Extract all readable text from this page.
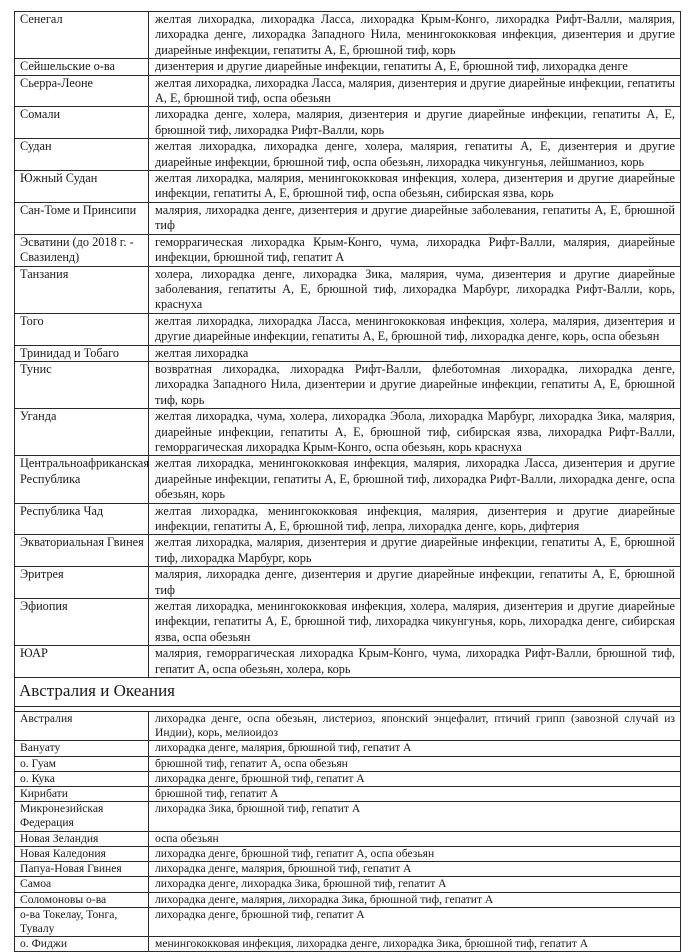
Сенегал	желтая лихорадка, лихорадка Ласса, лихорадка Крым-Конго, лихорадка Рифт-Валли, малярия, лихорадка денге, лихорадка Западного Нила, менингококковая инфекция, дизентерия и другие диарейные инфекции, гепатиты А, Е, брюшной тиф, корь
Сейшельские о-ва	дизентерия и другие диарейные инфекции, гепатиты А, Е, брюшной тиф, лихорадка денге
Сьерра-Леоне	желтая лихорадка, лихорадка Ласса, малярия, дизентерия и другие диарейные инфекции, гепатиты А, Е, брюшной тиф, оспа обезьян
Сомали	лихорадка денге, холера, малярия, дизентерия и другие диарейные инфекции, гепатиты А, Е, брюшной тиф, лихорадка Рифт-Валли, корь
Судан	желтая лихорадка, лихорадка денге, холера, малярия, гепатиты А, Е, дизентерия и другие диарейные инфекции, брюшной тиф, оспа обезьян, лихорадка чикунгунья, лейшманиоз, корь
Южный Судан	желтая лихорадка, малярия, менингококковая инфекция, холера, дизентерия и другие диарейные инфекции, гепатиты А, Е, брюшной тиф, оспа обезьян, сибирская язва, корь
Сан-Томе и Принсипи	малярия, лихорадка денге, дизентерия и другие диарейные заболевания, гепатиты А, Е, брюшной тиф
Эсватини (до 2018 г. - Свазиленд)	геморрагическая лихорадка Крым-Конго, чума, лихорадка Рифт-Валли, малярия, диарейные инфекции, брюшной тиф, гепатит А
Танзания	холера, лихорадка денге, лихорадка Зика, малярия, чума, дизентерия и другие диарейные заболевания, гепатиты А, Е, брюшной тиф, лихорадка Марбург, лихорадка Рифт-Валли, корь, краснуха
Того	желтая лихорадка, лихорадка Ласса, менингококковая инфекция, холера, малярия, дизентерия и другие диарейные инфекции, гепатиты А, Е, брюшной тиф, лихорадка денге, корь, оспа обезьян
Тринидад и Тобаго	желтая лихорадка
Тунис	возвратная лихорадка, лихорадка Рифт-Валли, флеботомная лихорадка, лихорадка денге, лихорадка Западного Нила, дизентерии и другие диарейные инфекции, гепатиты А, Е, брюшной тиф, корь
Уганда	желтая лихорадка, чума, холера, лихорадка Эбола, лихорадка Марбург, лихорадка Зика, малярия, диарейные инфекции, гепатиты А, Е, брюшной тиф, сибирская язва, лихорадка Рифт-Валли, геморрагическая лихорадка Крым-Конго, оспа обезьян, корь краснуха
Центральноафриканская Республика	желтая лихорадка, менингококковая инфекция, малярия, лихорадка Ласса, дизентерия и другие диарейные инфекции, гепатиты А, Е, брюшной тиф, лихорадка Рифт-Валли, лихорадка денге, оспа обезьян, корь
Республика Чад	желтая лихорадка, менингококковая инфекция, малярия, дизентерия и другие диарейные инфекции, гепатиты А, Е, брюшной тиф, лепра, лихорадка денге, корь, дифтерия
Экваториальная Гвинея	желтая лихорадка, малярия, дизентерия и другие диарейные инфекции, гепатиты А, Е, брюшной тиф, лихорадка Марбург, корь
Эритрея	малярия, лихорадка денге, дизентерия и другие диарейные инфекции, гепатиты А, Е, брюшной тиф
Эфиопия	желтая лихорадка, менингококковая инфекция, холера, малярия, дизентерия и другие диарейные инфекции, гепатиты А, Е, брюшной тиф, лихорадка чикунгунья, корь, лихорадка денге, сибирская язва, оспа обезьян
ЮАР	малярия, геморрагическая лихорадка Крым-Конго, чума, лихорадка Рифт-Валли, брюшной тиф, гепатит А, оспа обезьян, холера, корь
Австралия и Океания	

Австралия	лихорадка денге, оспа обезьян, листериоз, японский энцефалит, птичий грипп (завозной случай из Индии), корь, мелиоидоз
Вануату	лихорадка денге, малярия, брюшной тиф, гепатит А
о. Гуам	брюшной тиф, гепатит А, оспа обезьян
о. Кука	лихорадка денге, брюшной тиф, гепатит А
Кирибати	брюшной тиф, гепатит А
Микронезийская Федерация	лихорадка Зика, брюшной тиф, гепатит А
Новая Зеландия	оспа обезьян
Новая Каледония	лихорадка денге, брюшной тиф, гепатит А, оспа обезьян
Папуа-Новая Гвинея	лихорадка денге, малярия, брюшной тиф, гепатит А
Самоа	лихорадка денге, лихорадка Зика, брюшной тиф, гепатит А
Соломоновы о-ва	лихорадка денге, малярия, лихорадка Зика, брюшной тиф, гепатит А
о-ва Токелау, Тонга, Тувалу	лихорадка денге, брюшной тиф, гепатит А
о. Фиджи	менингококковая инфекция, лихорадка денге, лихорадка Зика, брюшной тиф, гепатит А
